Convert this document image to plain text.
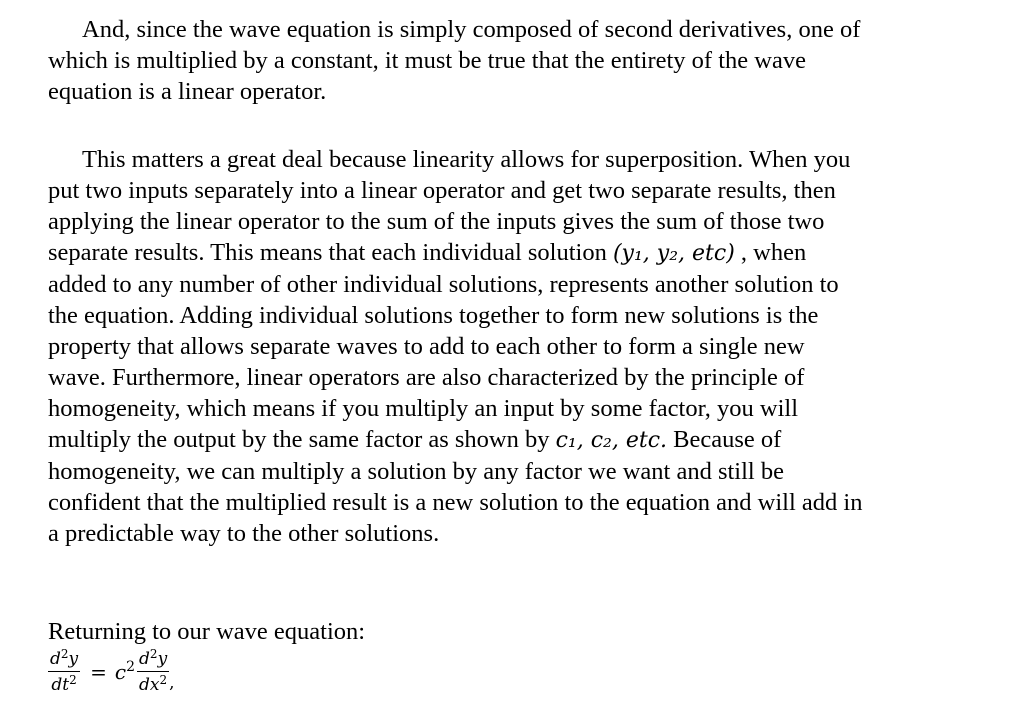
And, since the wave equation is simply composed of second derivatives, one of
which is multiplied by a constant, it must be true that the entirety of the wave
equation is a linear operator.

This matters a great deal because linearity allows for superposition. When you
put two inputs separately into a linear operator and get two separate results, then
applying the linear operator to the sum of the inputs gives the sum of those two
separate results. This means that each individual solution (y₁, y₂, etc) , when
added to any number of other individual solutions, represents another solution to
the equation. Adding individual solutions together to form new solutions is the
property that allows separate waves to add to each other to form a single new
wave. Furthermore, linear operators are also characterized by the principle of
homogeneity, which means if you multiply an input by some factor, you will
multiply the output by the same factor as shown by c₁, c₂, etc. Because of
homogeneity, we can multiply a solution by any factor we want and still be
confident that the multiplied result is a new solution to the equation and will add in
a predictable way to the other solutions.

Returning to our wave equation:

$\frac{d^2y}{dt^2} = c^2 \frac{d^2y}{dx^2}$ ,
